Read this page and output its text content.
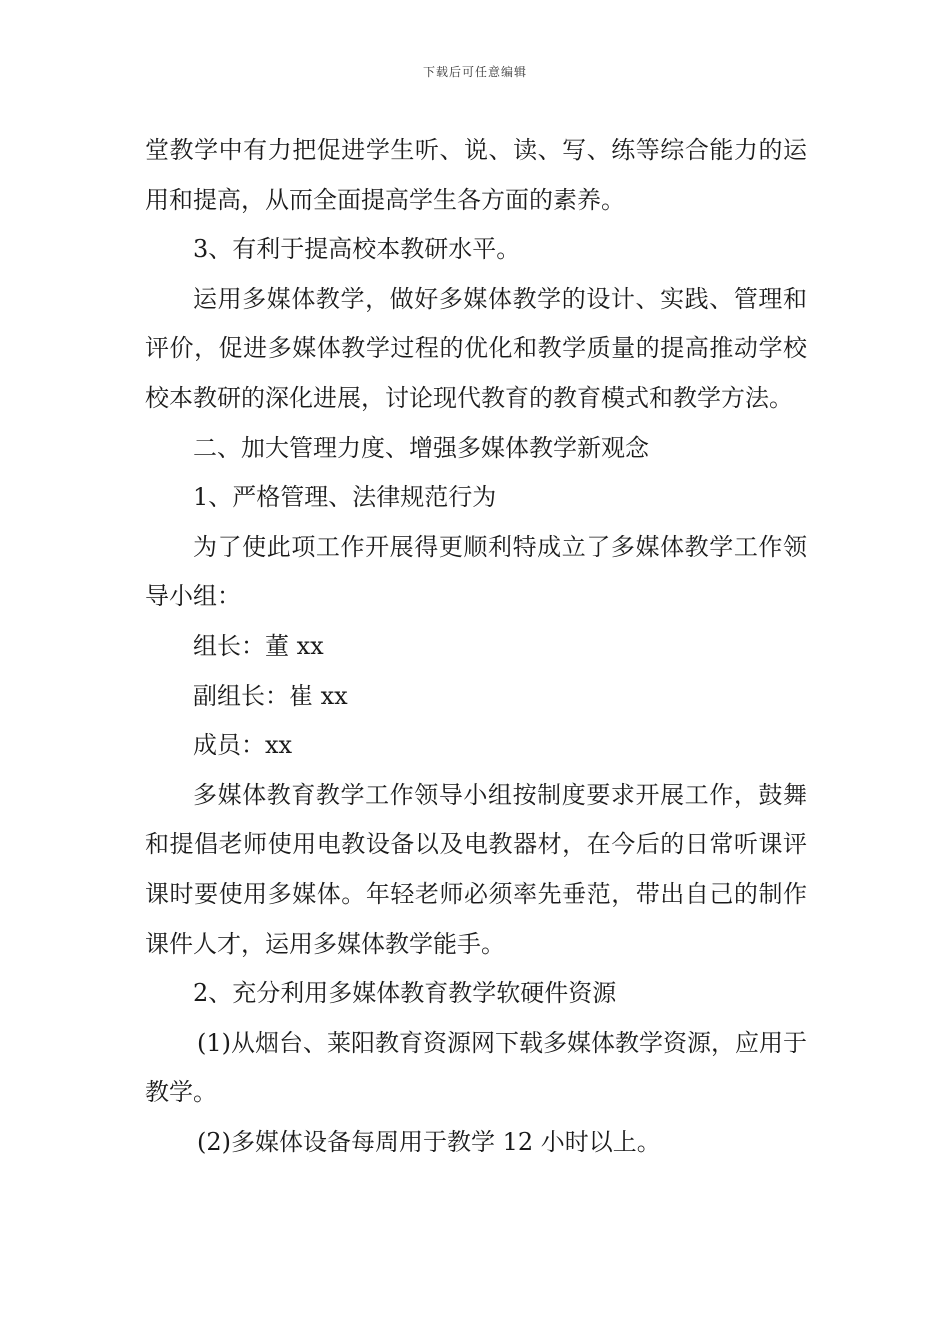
下载后可任意编辑

堂教学中有力把促进学生听、说、读、写、练等综合能力的运用和提高，从而全面提高学生各方面的素养。

3、有利于提高校本教研水平。

运用多媒体教学，做好多媒体教学的设计、实践、管理和评价，促进多媒体教学过程的优化和教学质量的提高推动学校校本教研的深化进展，讨论现代教育的教育模式和教学方法。

二、加大管理力度、增强多媒体教学新观念

1、严格管理、法律规范行为

为了使此项工作开展得更顺利特成立了多媒体教学工作领导小组：

组长：董 xx

副组长：崔 xx

成员：xx

多媒体教育教学工作领导小组按制度要求开展工作，鼓舞和提倡老师使用电教设备以及电教器材，在今后的日常听课评课时要使用多媒体。年轻老师必须率先垂范，带出自己的制作课件人才，运用多媒体教学能手。

2、充分利用多媒体教育教学软硬件资源

(1)从烟台、莱阳教育资源网下载多媒体教学资源，应用于教学。

(2)多媒体设备每周用于教学 12 小时以上。
